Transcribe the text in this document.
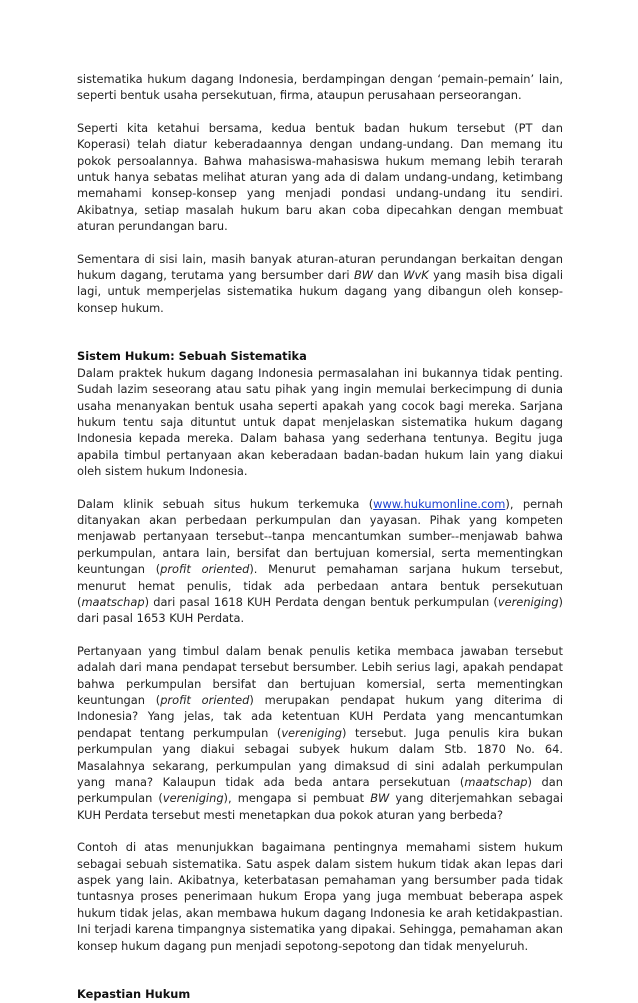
sistematika hukum dagang Indonesia, berdampingan dengan ‘pemain-pemain’ lain, seperti bentuk usaha persekutuan, firma, ataupun perusahaan perseorangan.

Seperti kita ketahui bersama, kedua bentuk badan hukum tersebut (PT dan Koperasi) telah diatur keberadaannya dengan undang-undang. Dan memang itu pokok persoalannya. Bahwa mahasiswa-mahasiswa hukum memang lebih terarah untuk hanya sebatas melihat aturan yang ada di dalam undang-undang, ketimbang memahami konsep-konsep yang menjadi pondasi undang-undang itu sendiri. Akibatnya, setiap masalah hukum baru akan coba dipecahkan dengan membuat aturan perundangan baru.

Sementara di sisi lain, masih banyak aturan-aturan perundangan berkaitan dengan hukum dagang, terutama yang bersumber dari BW dan WvK yang masih bisa digali lagi, untuk memperjelas sistematika hukum dagang yang dibangun oleh konsep-konsep hukum.

Sistem Hukum: Sebuah Sistematika

Dalam praktek hukum dagang Indonesia permasalahan ini bukannya tidak penting. Sudah lazim seseorang atau satu pihak yang ingin memulai berkecimpung di dunia usaha menanyakan bentuk usaha seperti apakah yang cocok bagi mereka. Sarjana hukum tentu saja dituntut untuk dapat menjelaskan sistematika hukum dagang Indonesia kepada mereka. Dalam bahasa yang sederhana tentunya. Begitu juga apabila timbul pertanyaan akan keberadaan badan-badan hukum lain yang diakui oleh sistem hukum Indonesia.

Dalam klinik sebuah situs hukum terkemuka (www.hukumonline.com), pernah ditanyakan akan perbedaan perkumpulan dan yayasan. Pihak yang kompeten menjawab pertanyaan tersebut--tanpa mencantumkan sumber--menjawab bahwa perkumpulan, antara lain, bersifat dan bertujuan komersial, serta mementingkan keuntungan (profit oriented). Menurut pemahaman sarjana hukum tersebut, menurut hemat penulis, tidak ada perbedaan antara bentuk persekutuan (maatschap) dari pasal 1618 KUH Perdata dengan bentuk perkumpulan (vereniging) dari pasal 1653 KUH Perdata.

Pertanyaan yang timbul dalam benak penulis ketika membaca jawaban tersebut adalah dari mana pendapat tersebut bersumber. Lebih serius lagi, apakah pendapat bahwa perkumpulan bersifat dan bertujuan komersial, serta mementingkan keuntungan (profit oriented) merupakan pendapat hukum yang diterima di Indonesia? Yang jelas, tak ada ketentuan KUH Perdata yang mencantumkan pendapat tentang perkumpulan (vereniging) tersebut. Juga penulis kira bukan perkumpulan yang diakui sebagai subyek hukum dalam Stb. 1870 No. 64. Masalahnya sekarang, perkumpulan yang dimaksud di sini adalah perkumpulan yang mana? Kalaupun tidak ada beda antara persekutuan (maatschap) dan perkumpulan (vereniging), mengapa si pembuat BW yang diterjemahkan sebagai KUH Perdata tersebut mesti menetapkan dua pokok aturan yang berbeda?

Contoh di atas menunjukkan bagaimana pentingnya memahami sistem hukum sebagai sebuah sistematika. Satu aspek dalam sistem hukum tidak akan lepas dari aspek yang lain. Akibatnya, keterbatasan pemahaman yang bersumber pada tidak tuntasnya proses penerimaan hukum Eropa yang juga membuat beberapa aspek hukum tidak jelas, akan membawa hukum dagang Indonesia ke arah ketidakpastian. Ini terjadi karena timpangnya sistematika yang dipakai. Sehingga, pemahaman akan konsep hukum dagang pun menjadi sepotong-sepotong dan tidak menyeluruh.

Kepastian Hukum
